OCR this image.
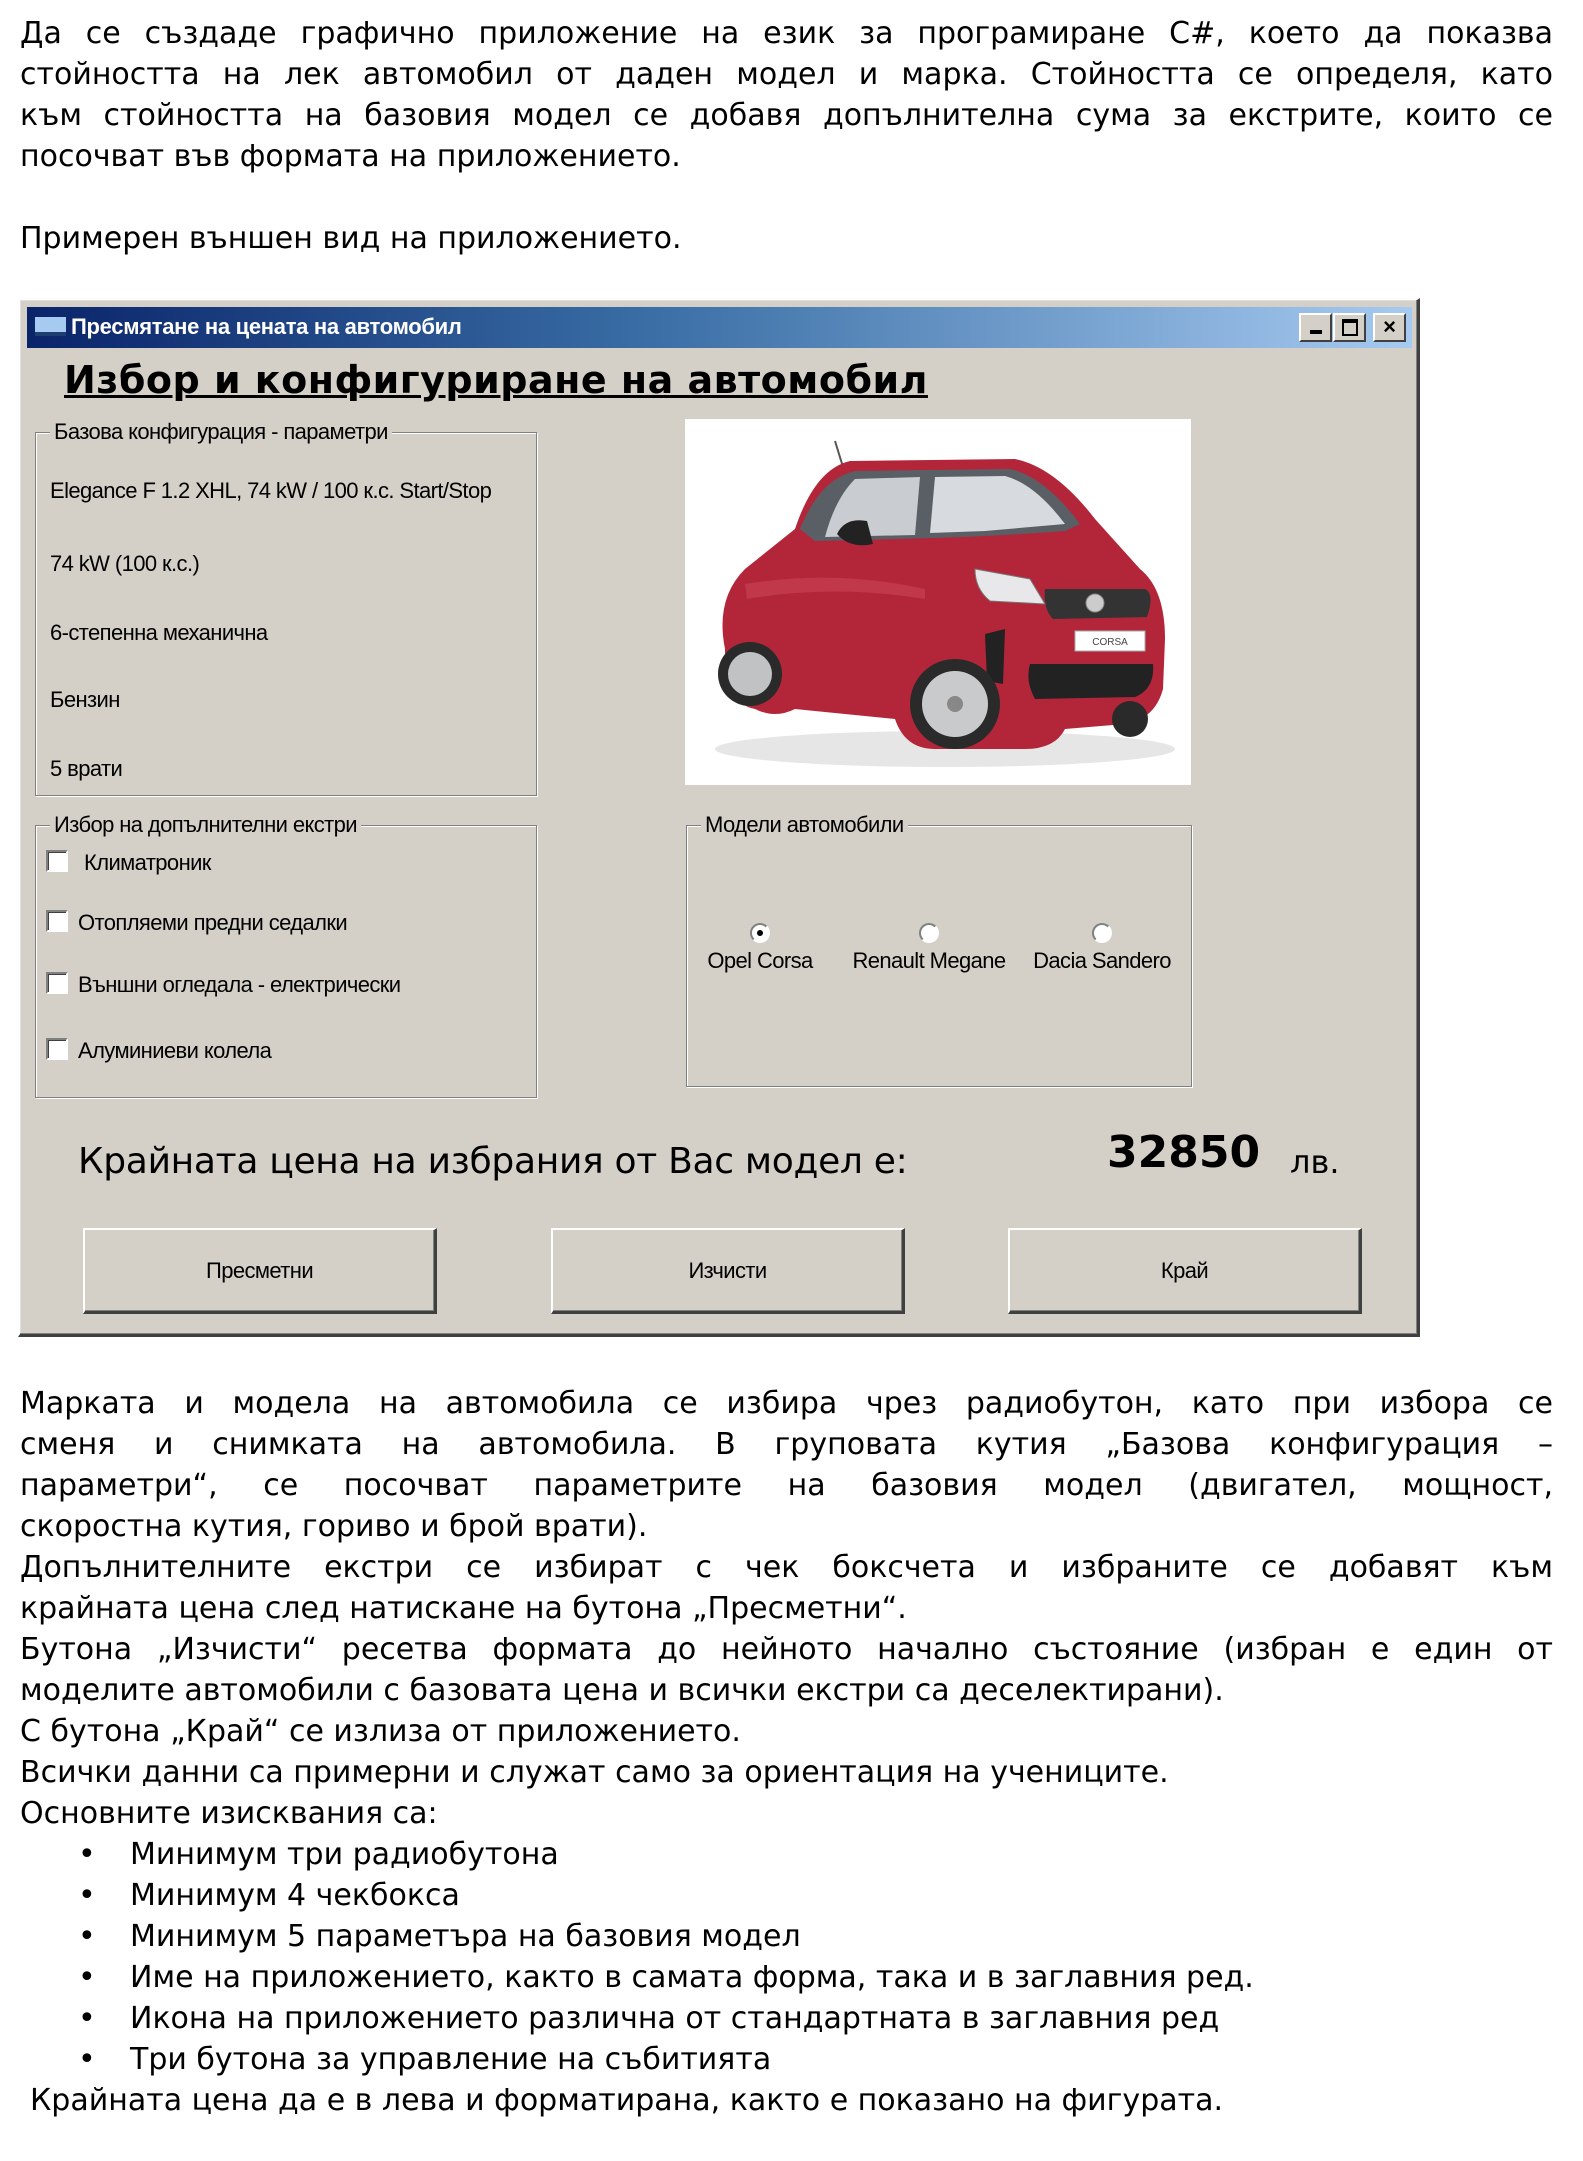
Да се създаде графично приложение на език за програмиране C#, което да показва
стойността на лек автомобил от даден модел и марка. Стойността се определя, като
към стойността на базовия модел се добавя допълнителна сума за екстрите, които се
посочват във формата на приложението.
Примерен външен вид на приложението.
Пресмятане на цената на автомобил	×
Избор и конфигуриране на автомобил
Базова конфигурация - параметри
Elegance F 1.2 XHL, 74 kW / 100 к.с. Start/Stop
74 kW (100 к.с.)
6-степенна механична
Бензин
5 врати
CORSA
Избор на допълнителни екстри
Климатроник
Отопляеми предни седалки
Външни огледала - електрически
Алуминиеви колела
Модели автомобили
Opel Corsa	Renault Megane	Dacia Sandero
Крайната цена на избрания от Вас модел е:	32850 лв.
Пресметни	Изчисти	Край
Марката и модела на автомобила се избира чрез радиобутон, като при избора се
сменя и снимката на автомобила. В груповата кутия „Базова конфигурация –
параметри“, се посочват параметрите на базовия модел (двигател, мощност,
скоростна кутия, гориво и брой врати).
Допълнителните екстри се избират с чек боксчета и избраните се добавят към
крайната цена след натискане на бутона „Пресметни“.
Бутона „Изчисти“ ресетва формата до нейното начално състояние (избран е един от
моделите автомобили с базовата цена и всички екстри са деселектирани).
С бутона „Край“ се излиза от приложението.
Всички данни са примерни и служат само за ориентация на учениците.
Основните изисквания са:
• Минимум три радиобутона
• Минимум 4 чекбокса
• Минимум 5 параметъра на базовия модел
• Име на приложението, както в самата форма, така и в заглавния ред.
• Икона на приложението различна от стандартната в заглавния ред
• Три бутона за управление на събитията
Крайната цена да е в лева и форматирана, както е показано на фигурата.
